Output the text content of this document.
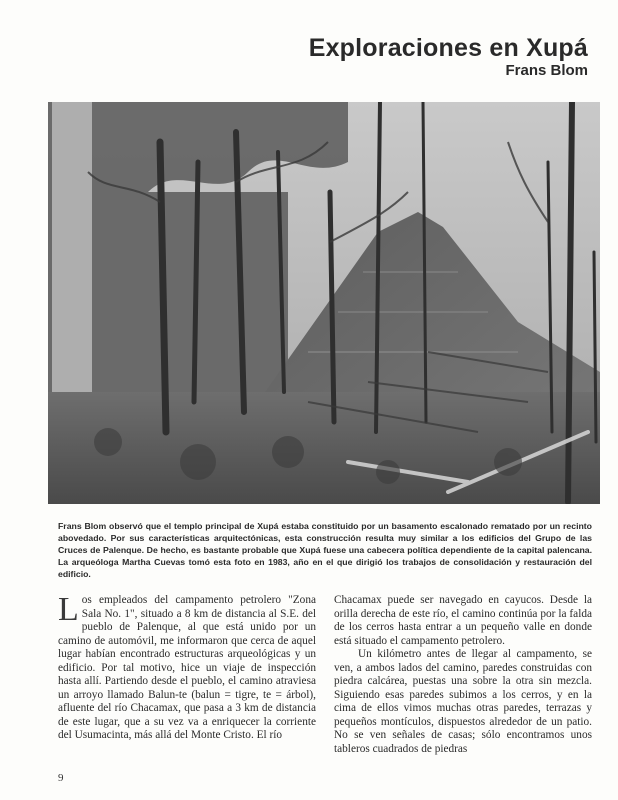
Exploraciones en Xupá
Frans Blom

Frans Blom observó que el templo principal de Xupá estaba constituido por un basamento escalonado rematado por un recinto abovedado. Por sus características arquitectónicas, esta construcción resulta muy similar a los edificios del Grupo de las Cruces de Palenque. De hecho, es bastante probable que Xupá fuese una cabecera política dependiente de la capital palencana. La arqueóloga Martha Cuevas tomó esta foto en 1983, año en el que dirigió los trabajos de consolidación y restauración del edificio.

Los empleados del campamento petrolero "Zona Sala No. 1", situado a 8 km de distancia al S.E. del pueblo de Palenque, al que está unido por un camino de automóvil, me informaron que cerca de aquel lugar habían encontrado estructuras arqueológicas y un edificio. Por tal motivo, hice un viaje de inspección hasta allí. Partiendo desde el pueblo, el camino atraviesa un arroyo llamado Balun-te (balun = tigre, te = árbol), afluente del río Chacamax, que pasa a 3 km de distancia de este lugar, que a su vez va a enriquecer la corriente del Usumacinta, más allá del Monte Cristo. El río

Chacamax puede ser navegado en cayucos. Desde la orilla derecha de este río, el camino continúa por la falda de los cerros hasta entrar a un pequeño valle en donde está situado el campamento petrolero.

Un kilómetro antes de llegar al campamento, se ven, a ambos lados del camino, paredes construidas con piedra calcárea, puestas una sobre la otra sin mezcla. Siguiendo esas paredes subimos a los cerros, y en la cima de ellos vimos muchas otras paredes, terrazas y pequeños montículos, dispuestos alrededor de un patio. No se ven señales de casas; sólo encontramos unos tableros cuadrados de piedras

9
